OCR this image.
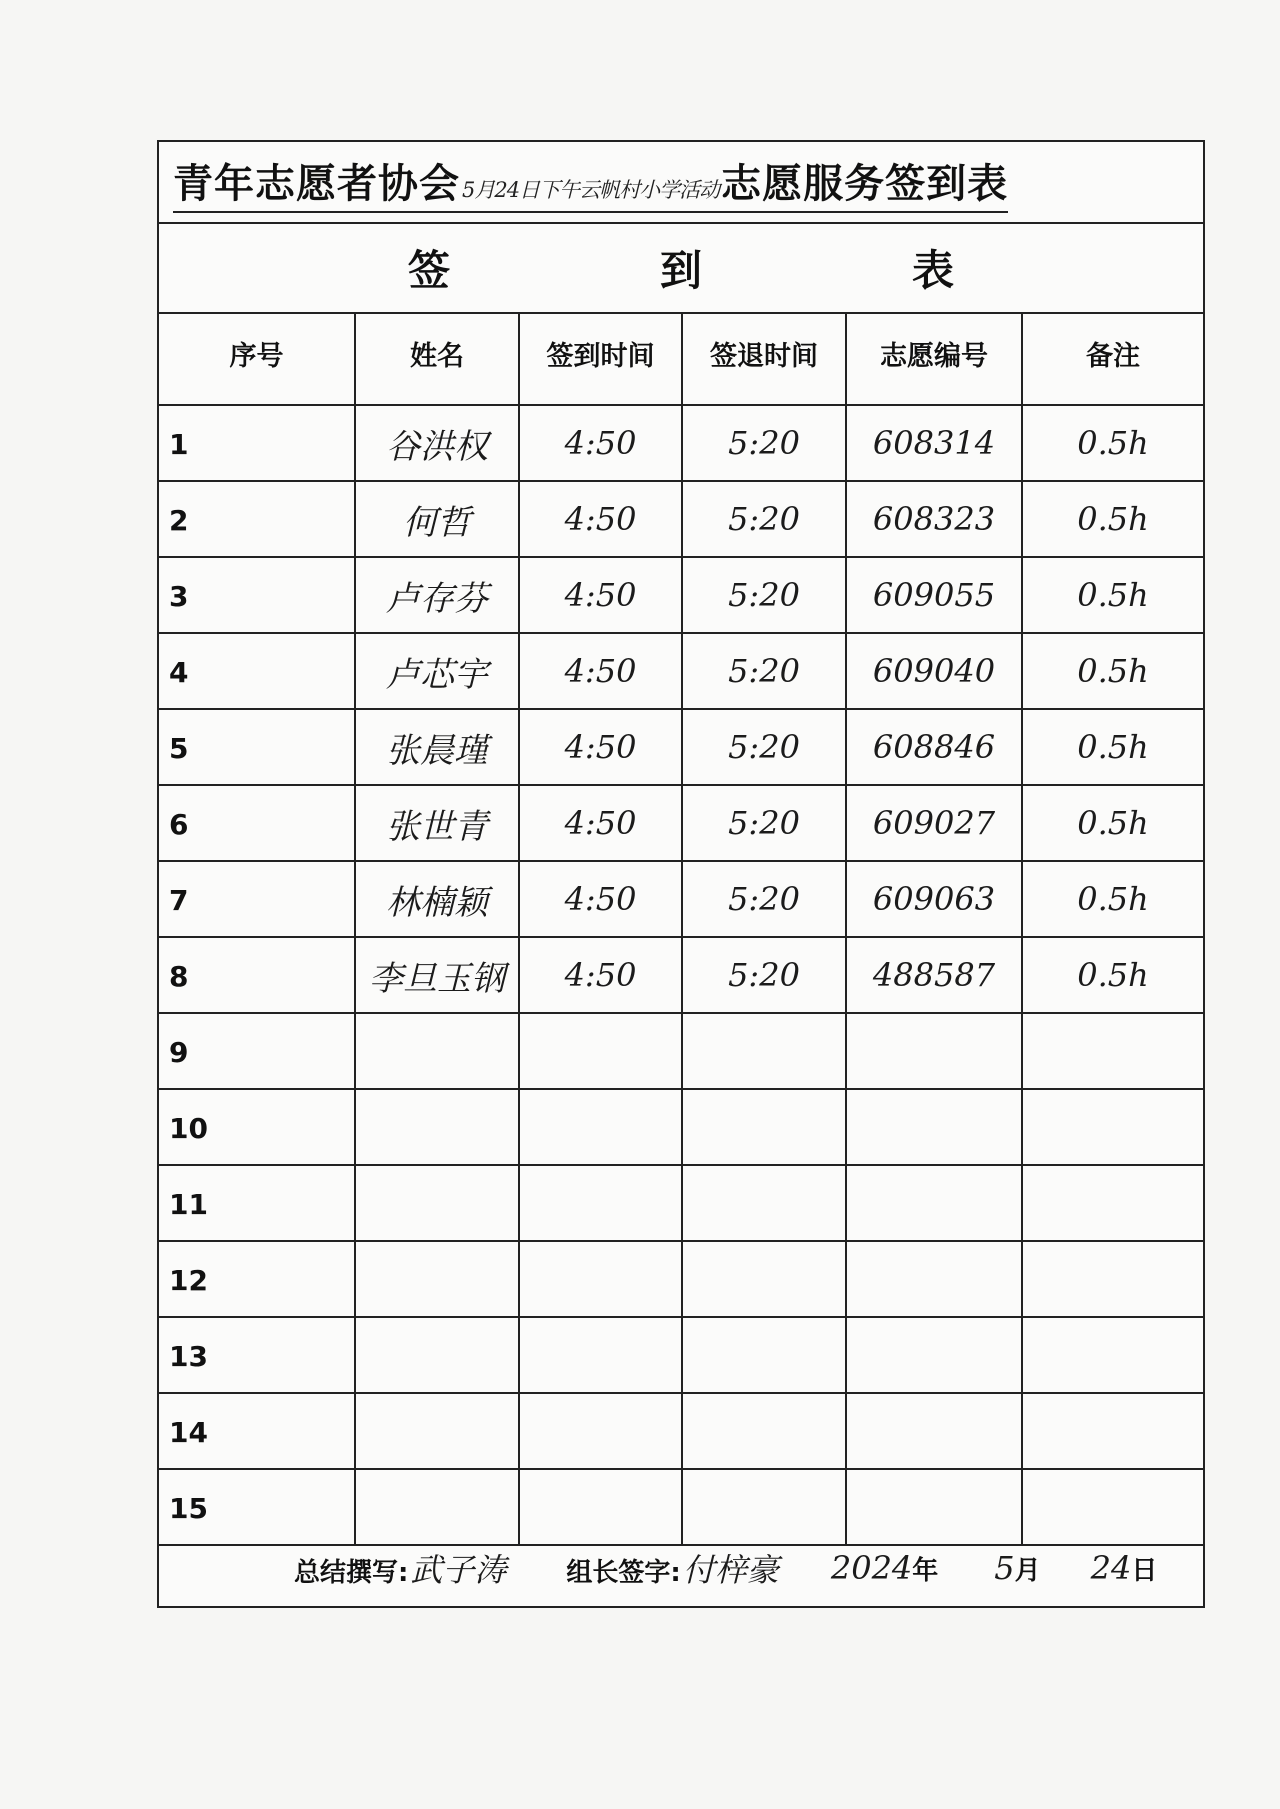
青年志愿者协会 5月24日下午云帆村小学活动 志愿服务签到表
签	到	表
序号	姓名	签到时间	签退时间	志愿编号	备注
1	谷洪权	4:50	5:20	608314	0.5h
2	何哲	4:50	5:20	608323	0.5h
3	卢存芬	4:50	5:20	609055	0.5h
4	卢芯宇	4:50	5:20	609040	0.5h
5	张晨瑾	4:50	5:20	608846	0.5h
6	张世青	4:50	5:20	609027	0.5h
7	林楠颖	4:50	5:20	609063	0.5h
8	李旦玉钢	4:50	5:20	488587	0.5h
9					
10					
11					
12					
13					
14					
15					
总结撰写:武子涛 组长签字:付梓豪 2024年 5月 24日
